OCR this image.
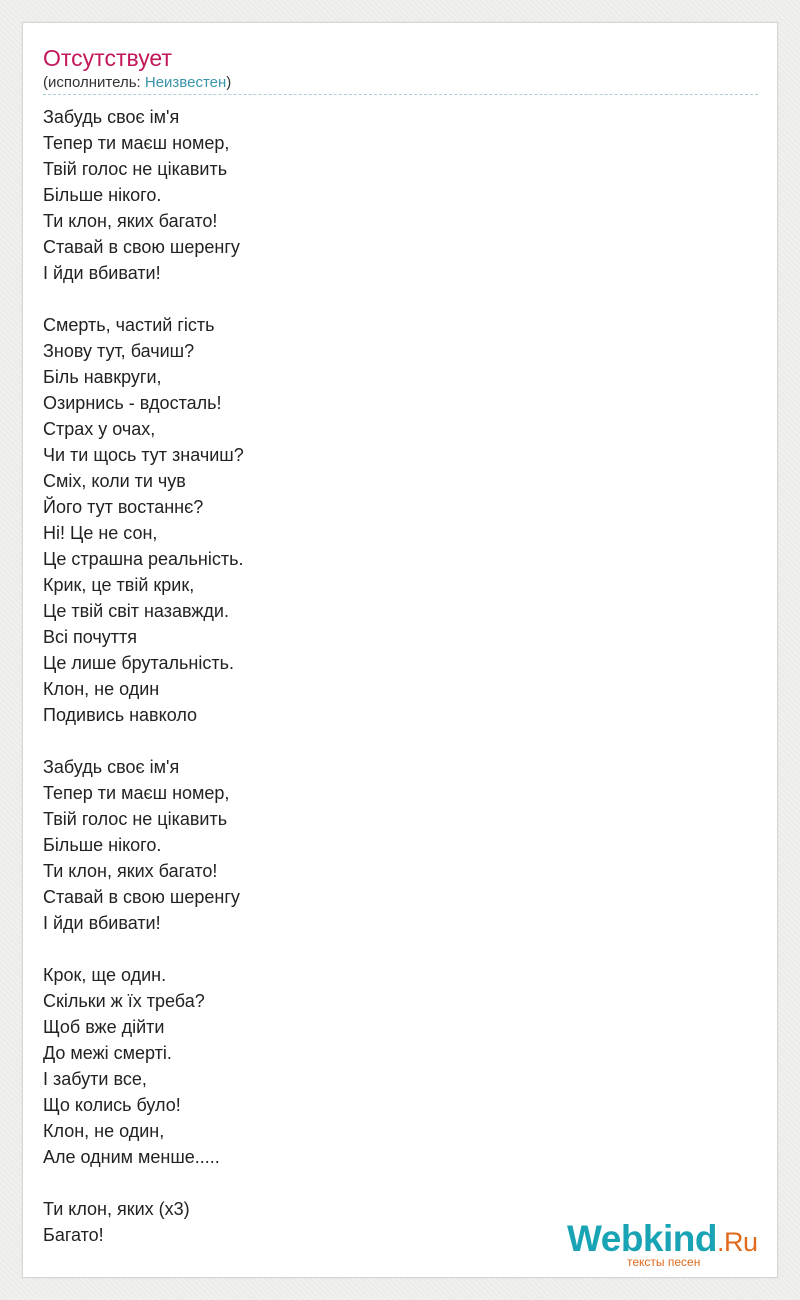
Отсутствует
(исполнитель: Неизвестен)
Забудь своє ім'я
Тепер ти маєш номер,
Твій голос не цікавить
Більше нікого.
Ти клон, яких багато!
Ставай в свою шеренгу
І йди вбивати!
Смерть, частий гість
Знову тут, бачиш?
Біль навкруги,
Озирнись - вдосталь!
Страх у очах,
Чи ти щось тут значиш?
Сміх, коли ти чув
Його тут востаннє?
Ні! Це не сон,
Це страшна реальність.
Крик, це твій крик,
Це твій світ назавжди.
Всі почуття
Це лише брутальність.
Клон, не один
Подивись навколо
Забудь своє ім'я
Тепер ти маєш номер,
Твій голос не цікавить
Більше нікого.
Ти клон, яких багато!
Ставай в свою шеренгу
І йди вбивати!
Крок, ще один.
Скільки ж їх треба?
Щоб вже дійти
До межі смерті.
І забути все,
Що колись було!
Клон, не один,
Але одним менше.....
Ти клон, яких (x3)
Багато!	Webkind.Ru
тексты песен
